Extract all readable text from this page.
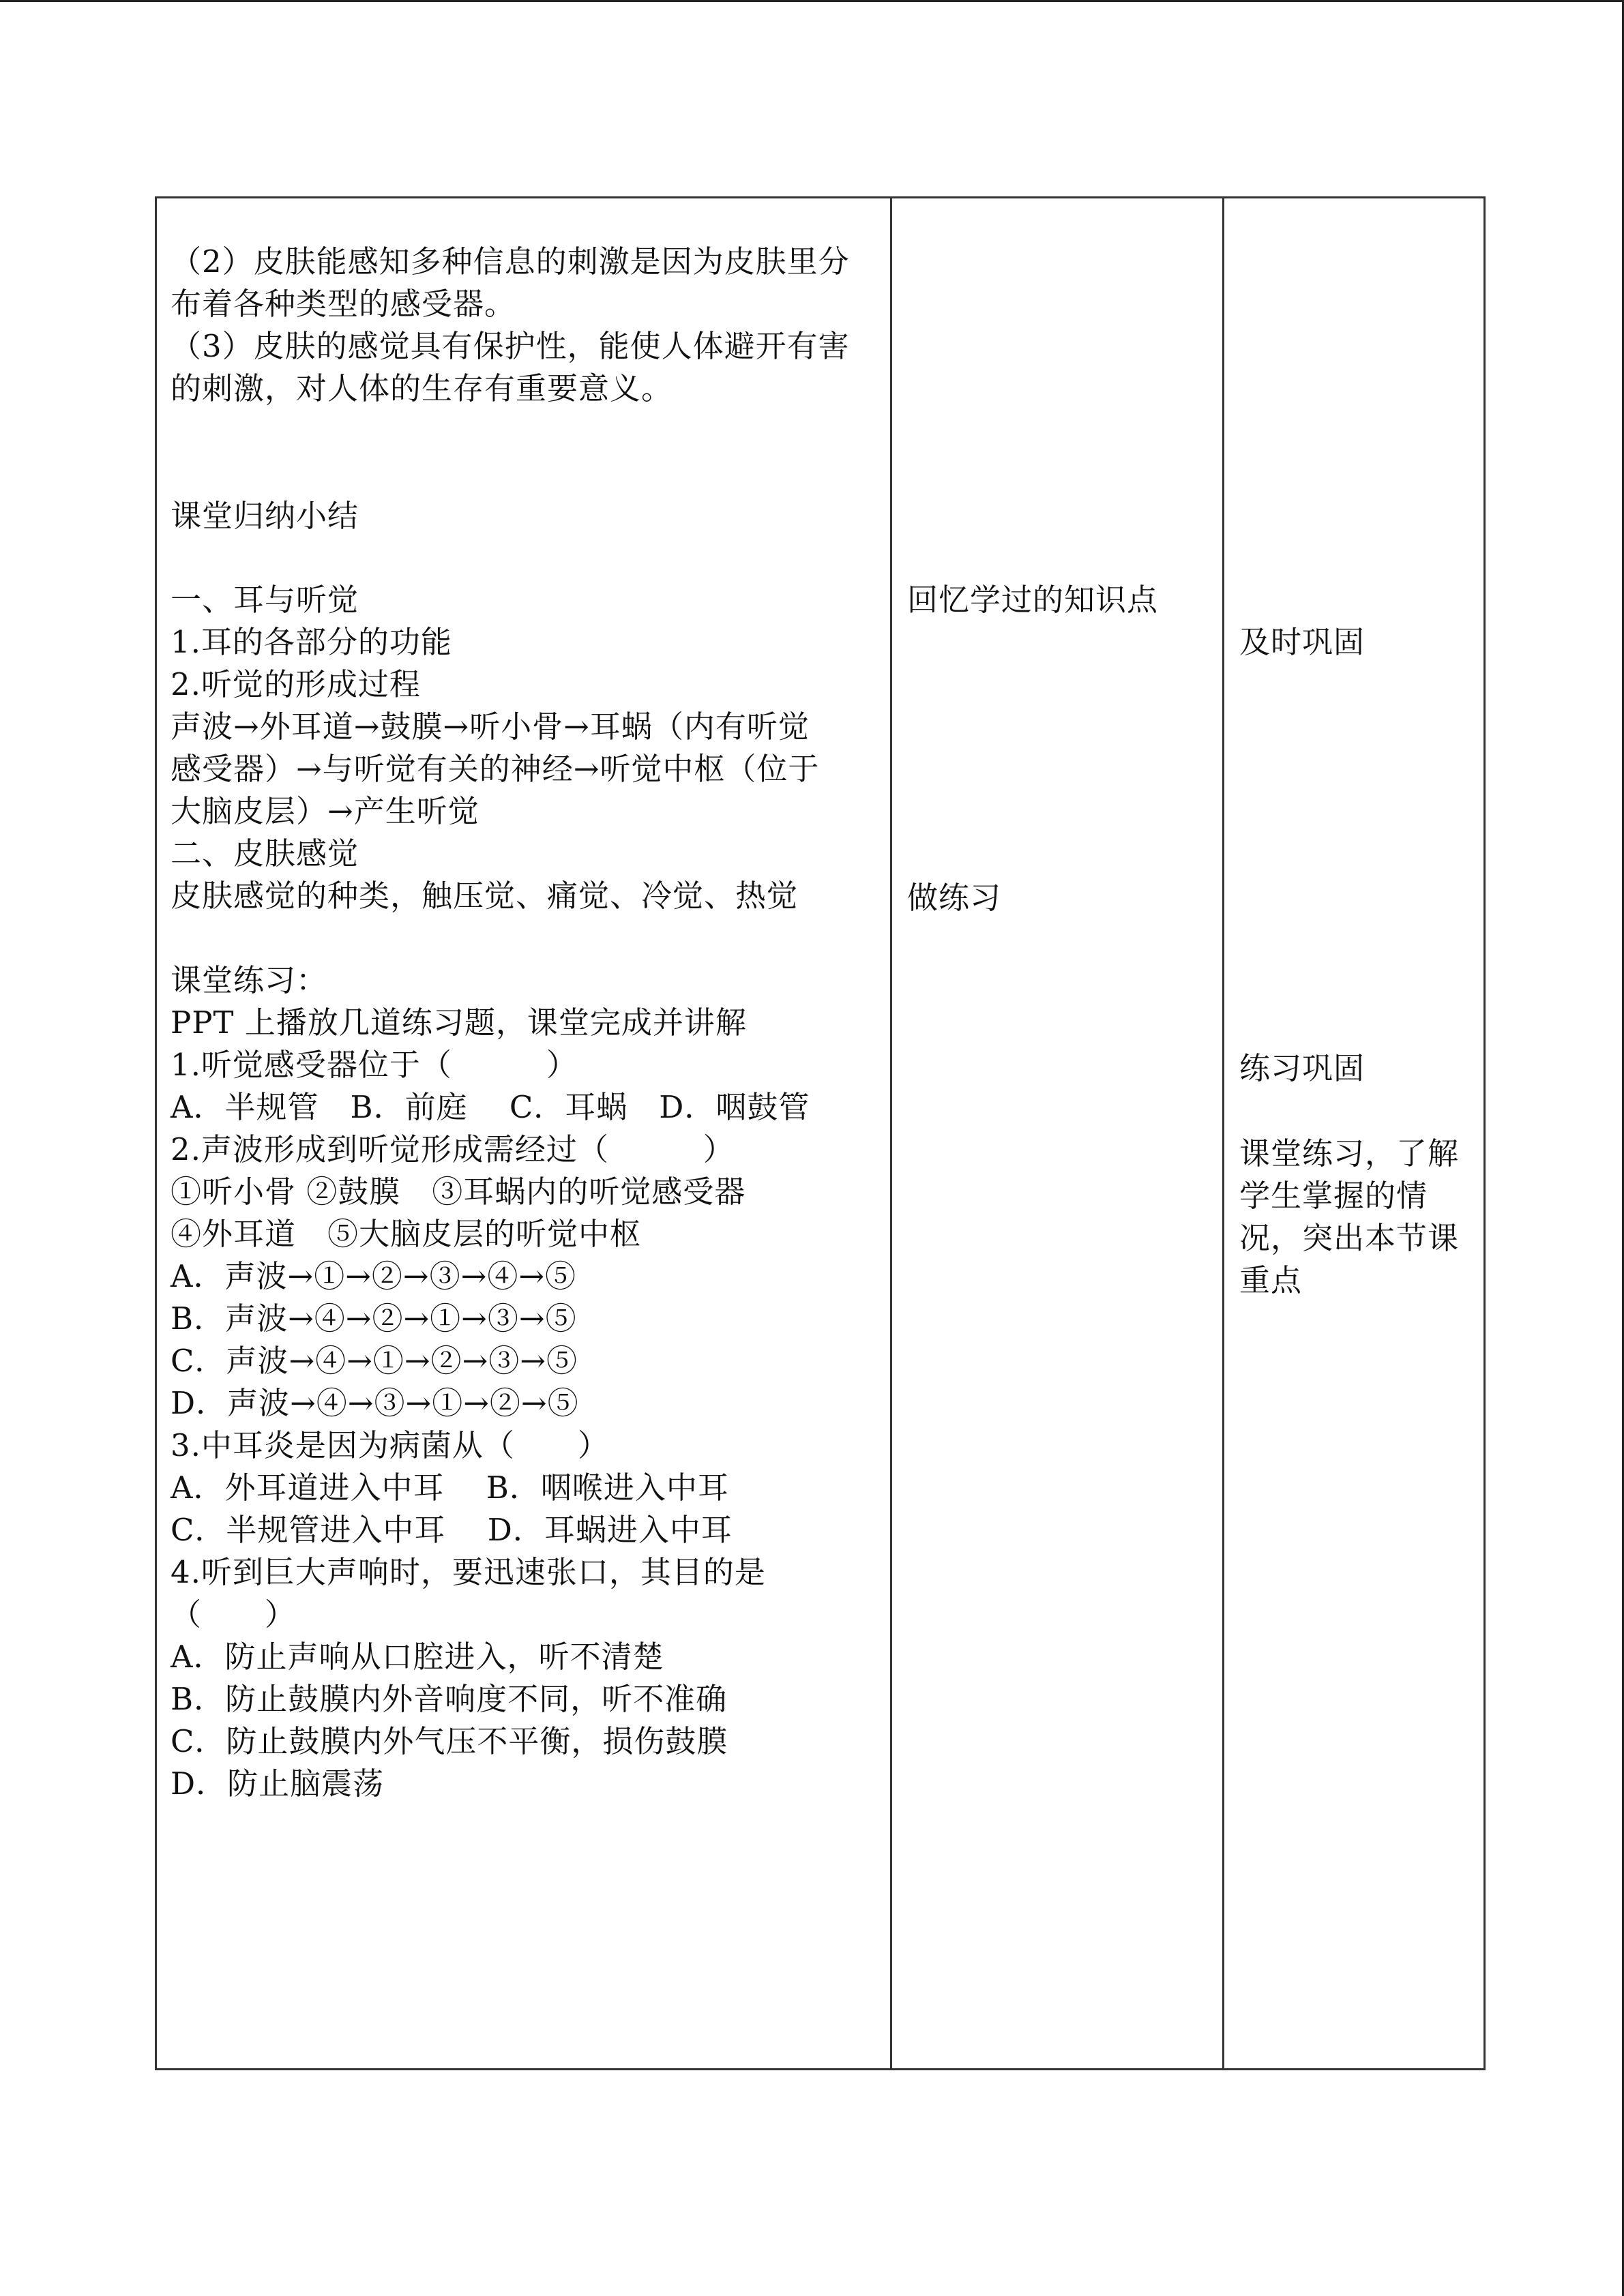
（2）皮肤能感知多种信息的刺激是因为皮肤里分
布着各种类型的感受器。
（3）皮肤的感觉具有保护性，能使人体避开有害
的刺激，对人体的生存有重要意义。
课堂归纳小结
一、耳与听觉
1.耳的各部分的功能
2.听觉的形成过程
声波→外耳道→鼓膜→听小骨→耳蜗（内有听觉
感受器）→与听觉有关的神经→听觉中枢（位于
大脑皮层）→产生听觉
二、皮肤感觉
皮肤感觉的种类，触压觉、痛觉、冷觉、热觉
课堂练习：
PPT 上播放几道练习题，课堂完成并讲解
1.听觉感受器位于（　　　）
A．半规管　B．前庭　 C．耳蜗　D．咽鼓管
2.声波形成到听觉形成需经过（　　　）
①听小骨 ②鼓膜　③耳蜗内的听觉感受器
④外耳道　⑤大脑皮层的听觉中枢
A．声波→①→②→③→④→⑤
B．声波→④→②→①→③→⑤
C．声波→④→①→②→③→⑤
D．声波→④→③→①→②→⑤
3.中耳炎是因为病菌从（　　）
A．外耳道进入中耳　 B．咽喉进入中耳
C．半规管进入中耳　 D．耳蜗进入中耳
4.听到巨大声响时，要迅速张口，其目的是
（　　）
A．防止声响从口腔进入，听不清楚
B．防止鼓膜内外音响度不同，听不准确
C．防止鼓膜内外气压不平衡，损伤鼓膜
D．防止脑震荡
回忆学过的知识点
做练习
及时巩固
练习巩固
课堂练习，了解
学生掌握的情
况，突出本节课
重点
